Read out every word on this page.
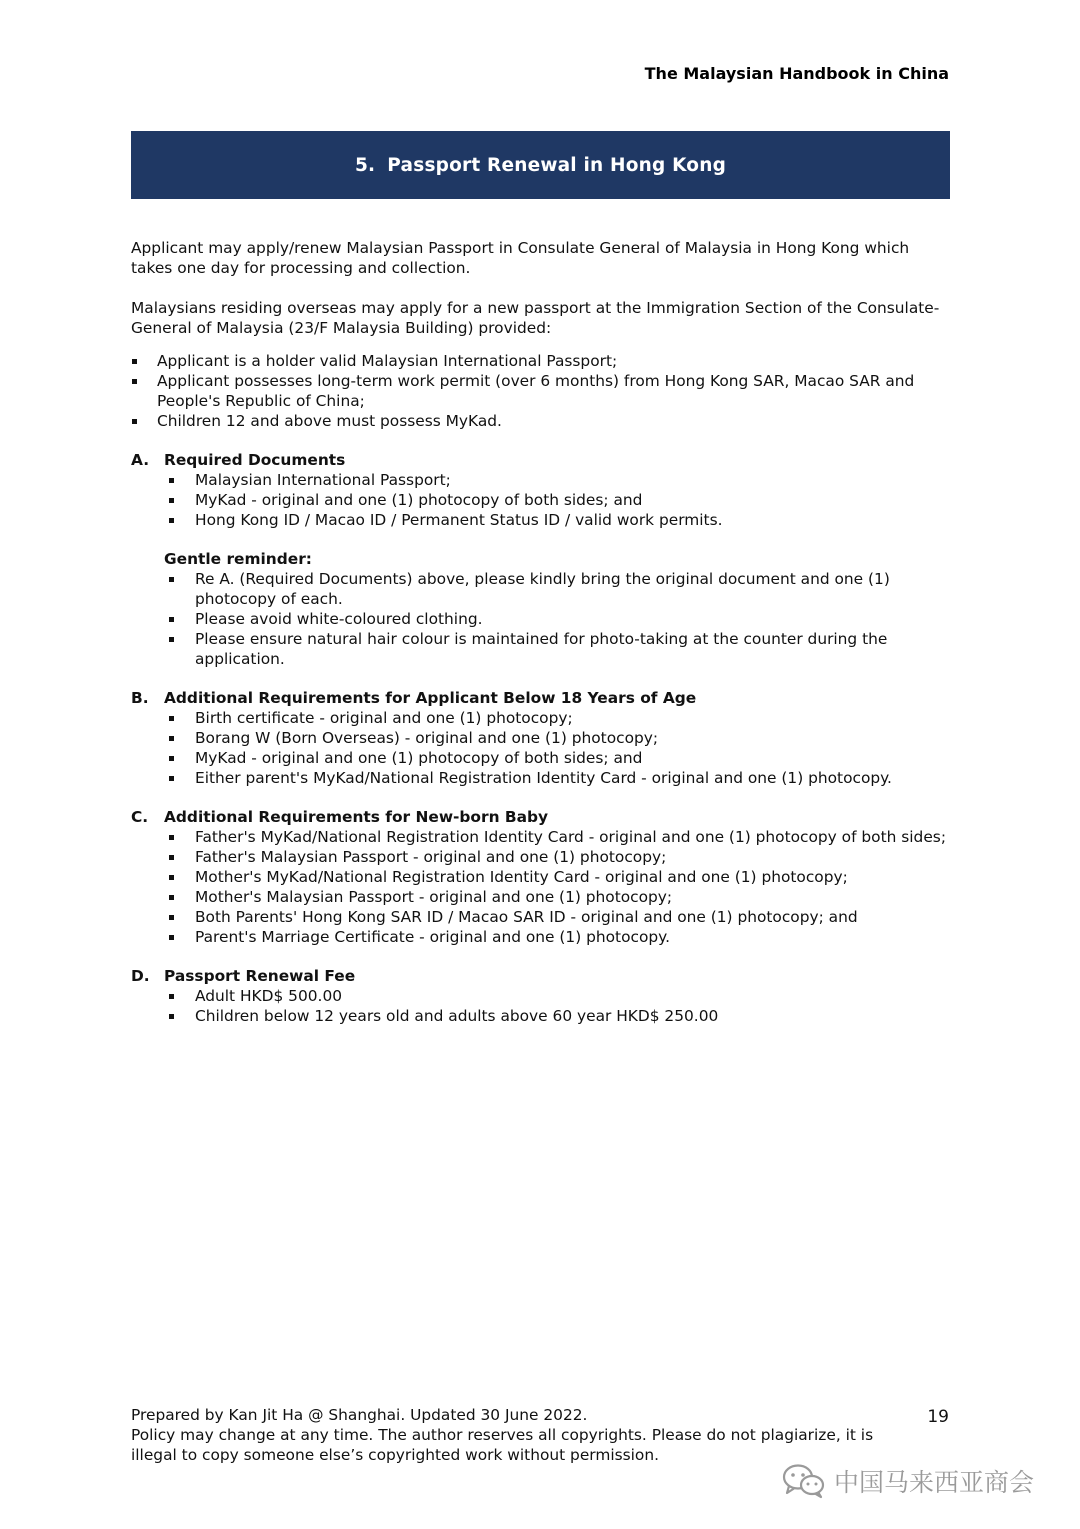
The Malaysian Handbook in China
5. Passport Renewal in Hong Kong

Applicant may apply/renew Malaysian Passport in Consulate General of Malaysia in Hong Kong which takes one day for processing and collection.

Malaysians residing overseas may apply for a new passport at the Immigration Section of the Consulate-General of Malaysia (23/F Malaysia Building) provided:

Applicant is a holder valid Malaysian International Passport;
Applicant possesses long-term work permit (over 6 months) from Hong Kong SAR, Macao SAR and People's Republic of China;
Children 12 and above must possess MyKad.
A. Required Documents
Malaysian International Passport;
MyKad - original and one (1) photocopy of both sides; and
Hong Kong ID / Macao ID / Permanent Status ID / valid work permits.
Gentle reminder:
Re A. (Required Documents) above, please kindly bring the original document and one (1) photocopy of each.
Please avoid white-coloured clothing.
Please ensure natural hair colour is maintained for photo-taking at the counter during the application.
B.	Additional Requirements for Applicant Below 18 Years of Age
Birth certificate - original and one (1) photocopy;
Borang W (Born Overseas) - original and one (1) photocopy;
MyKad - original and one (1) photocopy of both sides; and
Either parent's MyKad/National Registration Identity Card - original and one (1) photocopy.
C.	Additional Requirements for New-born Baby
Father's MyKad/National Registration Identity Card - original and one (1) photocopy of both sides;
Father's Malaysian Passport - original and one (1) photocopy;
Mother's MyKad/National Registration Identity Card - original and one (1) photocopy;
Mother's Malaysian Passport - original and one (1) photocopy;
Both Parents' Hong Kong SAR ID / Macao SAR ID - original and one (1) photocopy; and
Parent's Marriage Certificate - original and one (1) photocopy.
D. Passport Renewal Fee
Adult HKD$ 500.00
Children below 12 years old and adults above 60 year HKD$ 250.00
Prepared by Kan Jit Ha @ Shanghai. Updated 30 June 2022.
Policy may change at any time. The author reserves all copyrights. Please do not plagiarize, it is illegal to copy someone else’s copyrighted work without permission.
19
中国马来西亚商会
